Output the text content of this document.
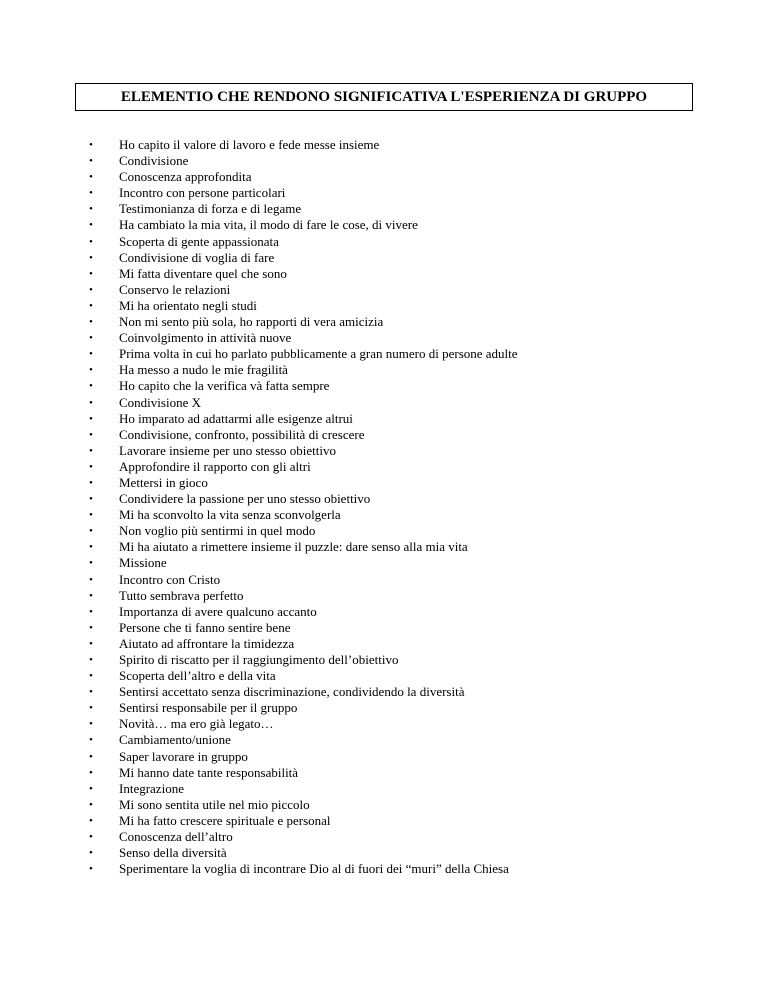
ELEMENTIO CHE RENDONO SIGNIFICATIVA L'ESPERIENZA DI GRUPPO
• Ho capito il valore di lavoro e fede messe insieme
• Condivisione
• Conoscenza approfondita
• Incontro con persone particolari
• Testimonianza di forza e di legame
• Ha cambiato la mia vita, il modo di fare le cose, di vivere
• Scoperta di gente appassionata
• Condivisione di voglia di fare
• Mi fatta diventare quel che sono
• Conservo le relazioni
• Mi ha orientato negli studi
• Non mi sento più sola, ho rapporti di vera amicizia
• Coinvolgimento in attività nuove
• Prima volta in cui ho parlato pubblicamente a gran numero di persone adulte
• Ha messo a nudo le mie fragilità
• Ho capito che la verifica và fatta sempre
• Condivisione X
• Ho imparato ad adattarmi alle esigenze altrui
• Condivisione, confronto, possibilità di crescere
• Lavorare insieme per uno stesso obiettivo
• Approfondire il rapporto con gli altri
• Mettersi in gioco
• Condividere la passione per uno stesso obiettivo
• Mi ha sconvolto la vita senza sconvolgerla
• Non voglio più sentirmi in quel modo
• Mi ha aiutato a rimettere insieme il puzzle: dare senso alla mia vita
• Missione
• Incontro con Cristo
• Tutto sembrava perfetto
• Importanza di avere qualcuno accanto
• Persone che ti fanno sentire bene
• Aiutato ad affrontare la timidezza
• Spirito di riscatto per il raggiungimento dell’obiettivo
• Scoperta dell’altro e della vita
• Sentirsi accettato senza discriminazione, condividendo la diversità
• Sentirsi responsabile per il gruppo
• Novità… ma ero già legato…
• Cambiamento/unione
• Saper lavorare in gruppo
• Mi hanno date tante responsabilità
• Integrazione
• Mi sono sentita utile nel mio piccolo
• Mi ha fatto crescere spirituale e personal
• Conoscenza dell’altro
• Senso della diversità
• Sperimentare la voglia di incontrare Dio al di fuori dei “muri” della Chiesa
